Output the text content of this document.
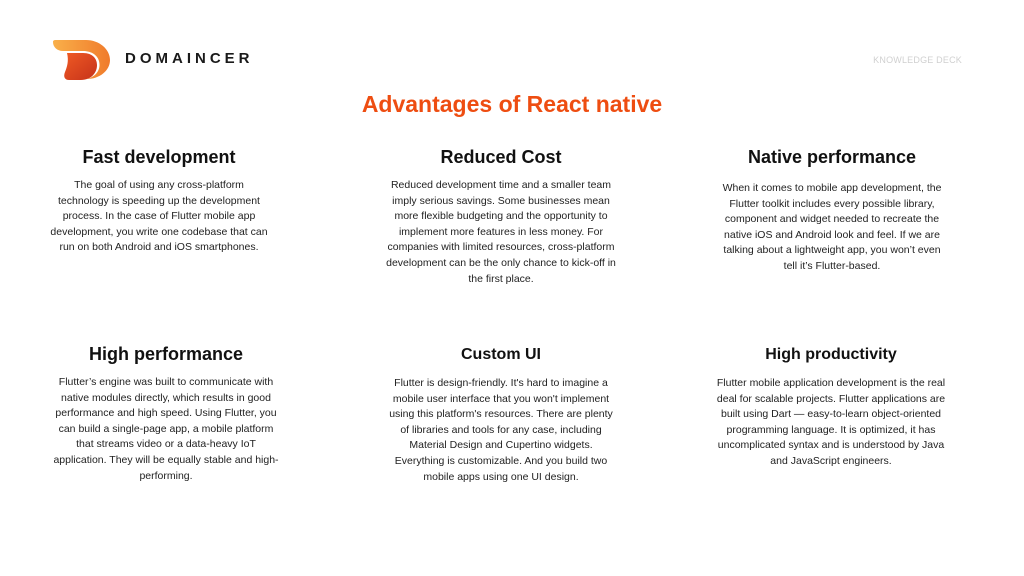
DOMAINCER	KNOWLEDGE DECK
Advantages of React native
Fast development
The goal of using any cross-platform technology is speeding up the development process. In the case of Flutter mobile app development, you write one codebase that can run on both Android and iOS smartphones.
Reduced Cost
Reduced development time and a smaller team imply serious savings. Some businesses mean more flexible budgeting and the opportunity to implement more features in less money. For companies with limited resources, cross-platform development can be the only chance to kick-off in the first place.
Native performance
When it comes to mobile app development, the Flutter toolkit includes every possible library, component and widget needed to recreate the native iOS and Android look and feel. If we are talking about a lightweight app, you won’t even tell it’s Flutter-based.
High performance
Flutter’s engine was built to communicate with native modules directly, which results in good performance and high speed. Using Flutter, you can build a single-page app, a mobile platform that streams video or a data-heavy IoT application. They will be equally stable and high-performing.
Custom UI
Flutter is design-friendly. It's hard to imagine a mobile user interface that you won't implement using this platform's resources. There are plenty of libraries and tools for any case, including Material Design and Cupertino widgets. Everything is customizable. And you build two mobile apps using one UI design.
High productivity
Flutter mobile application development is the real deal for scalable projects. Flutter applications are built using Dart — easy-to-learn object-oriented programming language. It is optimized, it has uncomplicated syntax and is understood by Java and JavaScript engineers.
